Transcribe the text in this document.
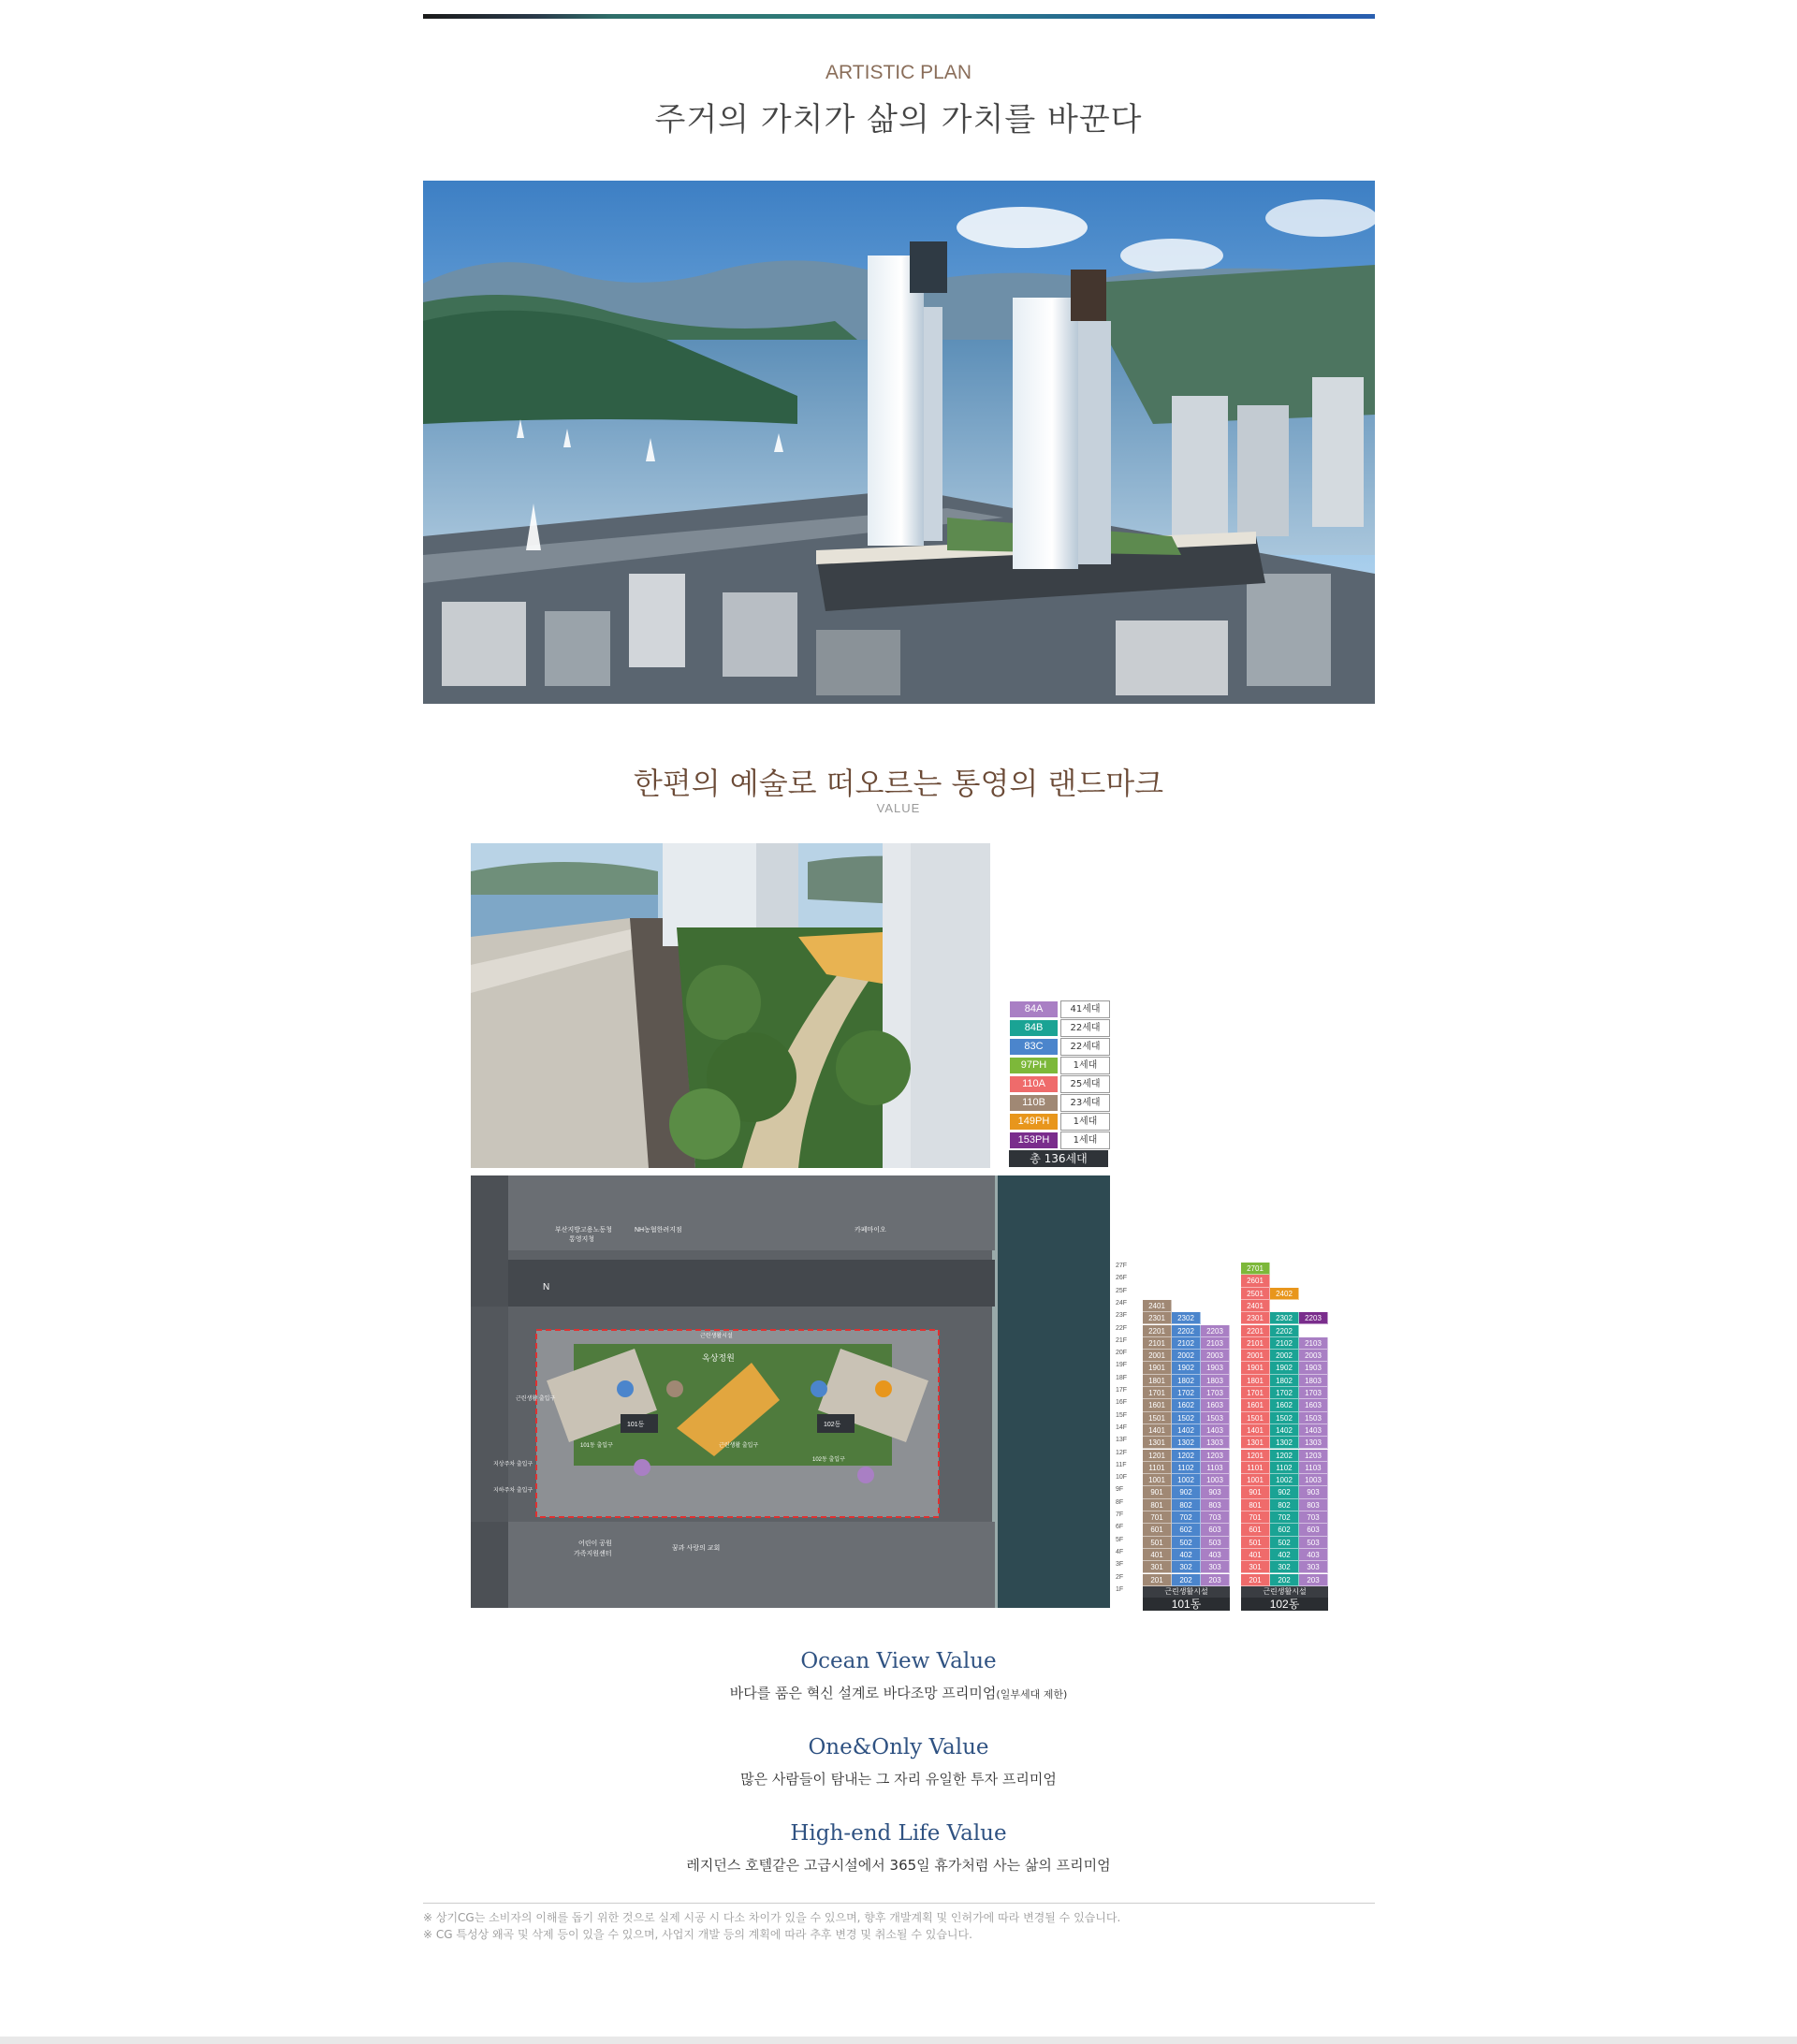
ARTISTIC PLAN
주거의 가치가 삶의 가치를 바꾼다
한편의 예술로 떠오르는 통영의 랜드마크
VALUE
84A	41세대
84B	22세대
83C	22세대
97PH	1세대
110A	25세대
110B	23세대
149PH	1세대
153PH	1세대
총 136세대
부산지방고용노동청
통영지청
NH농협한려지점	카페마이오
N
옥상정원
근린생활시설
101동	102동
101동 출입구
102동 출입구
근린생활 출입구
근린생활 출입구
지상주차 출입구
지하주차 출입구
어린이 공원
가족지원센터
꿈과 사랑의 교회
27F
26F
25F
24F
23F
22F
21F
20F
19F
18F
17F
16F
15F
14F
13F
12F
11F
10F
9F
8F
7F
6F
5F
4F
3F
2F
1F
2401
2301	2302
2201	2202	2203
2101	2102	2103
2001	2002	2003
1901	1902	1903
1801	1802	1803
1701	1702	1703
1601	1602	1603
1501	1502	1503
1401	1402	1403
1301	1302	1303
1201	1202	1203
1101	1102	1103
1001	1002	1003
901	902	903
801	802	803
701	702	703
601	602	603
501	502	503
401	402	403
301	302	303
201	202	203
2701
2601
2501	2402
2401
2301	2302	2203
2201	2202
2101	2102	2103
2001	2002	2003
1901	1902	1903
1801	1802	1803
1701	1702	1703
1601	1602	1603
1501	1502	1503
1401	1402	1403
1301	1302	1303
1201	1202	1203
1101	1102	1103
1001	1002	1003
901	902	903
801	802	803
701	702	703
601	602	603
501	502	503
401	402	403
301	302	303
201	202	203
근린생활시설	근린생활시설
101동	102동
Ocean View Value
바다를 품은 혁신 설계로 바다조망 프리미엄(일부세대 제한)
One&Only Value
많은 사람들이 탐내는 그 자리 유일한 투자 프리미엄
High-end Life Value
레지던스 호텔같은 고급시설에서 365일 휴가처럼 사는 삶의 프리미엄
※ 상기CG는 소비자의 이해를 돕기 위한 것으로 실제 시공 시 다소 차이가 있을 수 있으며, 향후 개발계획 및 인허가에 따라 변경될 수 있습니다.
※ CG 특성상 왜곡 및 삭제 등이 있을 수 있으며, 사업지 개발 등의 계획에 따라 추후 변경 및 취소될 수 있습니다.
